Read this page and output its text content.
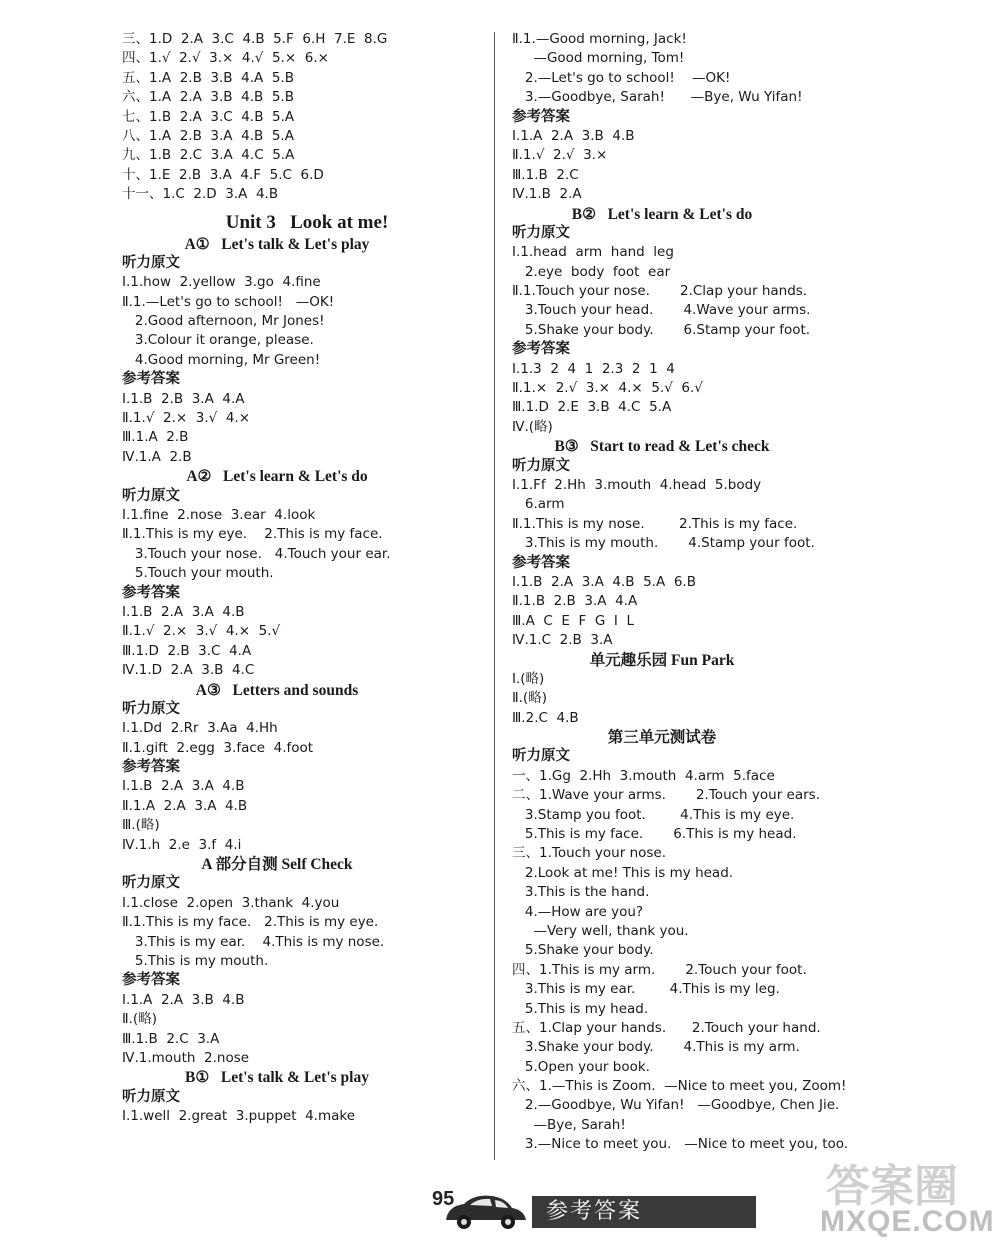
三、1.D  2.A  3.C  4.B  5.F  6.H  7.E  8.G
四、1.√  2.√  3.×  4.√  5.×  6.×
五、1.A  2.B  3.B  4.A  5.B
六、1.A  2.A  3.B  4.B  5.B
七、1.B  2.A  3.C  4.B  5.A
八、1.A  2.B  3.A  4.B  5.A
九、1.B  2.C  3.A  4.C  5.A
十、1.E  2.B  3.A  4.F  5.C  6.D
十一、1.C  2.D  3.A  4.B
Unit 3   Look at me!
A①   Let's talk & Let's play
听力原文
Ⅰ.1.how  2.yellow  3.go  4.fine
Ⅱ.1.—Let's go to school!   —OK!
2.Good afternoon, Mr Jones!
3.Colour it orange, please.
4.Good morning, Mr Green!
参考答案
Ⅰ.1.B  2.B  3.A  4.A
Ⅱ.1.√  2.×  3.√  4.×
Ⅲ.1.A  2.B
Ⅳ.1.A  2.B
A②   Let's learn & Let's do
听力原文
Ⅰ.1.fine  2.nose  3.ear  4.look
Ⅱ.1.This is my eye.    2.This is my face.
3.Touch your nose.   4.Touch your ear.
5.Touch your mouth.
参考答案
Ⅰ.1.B  2.A  3.A  4.B
Ⅱ.1.√  2.×  3.√  4.×  5.√
Ⅲ.1.D  2.B  3.C  4.A
Ⅳ.1.D  2.A  3.B  4.C
A③   Letters and sounds
听力原文
Ⅰ.1.Dd  2.Rr  3.Aa  4.Hh
Ⅱ.1.gift  2.egg  3.face  4.foot
参考答案
Ⅰ.1.B  2.A  3.A  4.B
Ⅱ.1.A  2.A  3.A  4.B
Ⅲ.(略)
Ⅳ.1.h  2.e  3.f  4.i
A 部分自测 Self Check
听力原文
Ⅰ.1.close  2.open  3.thank  4.you
Ⅱ.1.This is my face.   2.This is my eye.
3.This is my ear.    4.This is my nose.
5.This is my mouth.
参考答案
Ⅰ.1.A  2.A  3.B  4.B
Ⅱ.(略)
Ⅲ.1.B  2.C  3.A
Ⅳ.1.mouth  2.nose
B①   Let's talk & Let's play
听力原文
Ⅰ.1.well  2.great  3.puppet  4.make
Ⅱ.1.—Good morning, Jack!
—Good morning, Tom!
2.—Let's go to school!    —OK!
3.—Goodbye, Sarah!      —Bye, Wu Yifan!
参考答案
Ⅰ.1.A  2.A  3.B  4.B
Ⅱ.1.√  2.√  3.×
Ⅲ.1.B  2.C
Ⅳ.1.B  2.A
B②   Let's learn & Let's do
听力原文
Ⅰ.1.head  arm  hand  leg
2.eye  body  foot  ear
Ⅱ.1.Touch your nose.       2.Clap your hands.
3.Touch your head.       4.Wave your arms.
5.Shake your body.       6.Stamp your foot.
参考答案
Ⅰ.1.3  2  4  1  2.3  2  1  4
Ⅱ.1.×  2.√  3.×  4.×  5.√  6.√
Ⅲ.1.D  2.E  3.B  4.C  5.A
Ⅳ.(略)
B③   Start to read & Let's check
听力原文
Ⅰ.1.Ff  2.Hh  3.mouth  4.head  5.body
6.arm
Ⅱ.1.This is my nose.        2.This is my face.
3.This is my mouth.       4.Stamp your foot.
参考答案
Ⅰ.1.B  2.A  3.A  4.B  5.A  6.B
Ⅱ.1.B  2.B  3.A  4.A
Ⅲ.A  C  E  F  G  I  L
Ⅳ.1.C  2.B  3.A
单元趣乐园 Fun Park
Ⅰ.(略)
Ⅱ.(略)
Ⅲ.2.C  4.B
第三单元测试卷
听力原文
一、1.Gg  2.Hh  3.mouth  4.arm  5.face
二、1.Wave your arms.       2.Touch your ears.
3.Stamp you foot.        4.This is my eye.
5.This is my face.       6.This is my head.
三、1.Touch your nose.
2.Look at me! This is my head.
3.This is the hand.
4.—How are you?
—Very well, thank you.
5.Shake your body.
四、1.This is my arm.       2.Touch your foot.
3.This is my ear.        4.This is my leg.
5.This is my head.
五、1.Clap your hands.      2.Touch your hand.
3.Shake your body.       4.This is my arm.
5.Open your book.
六、1.—This is Zoom.  —Nice to meet you, Zoom!
2.—Goodbye, Wu Yifan!   —Goodbye, Chen Jie.
—Bye, Sarah!
3.—Nice to meet you.   —Nice to meet you, too.
参考答案
95	答案圈
MXQE.COM
